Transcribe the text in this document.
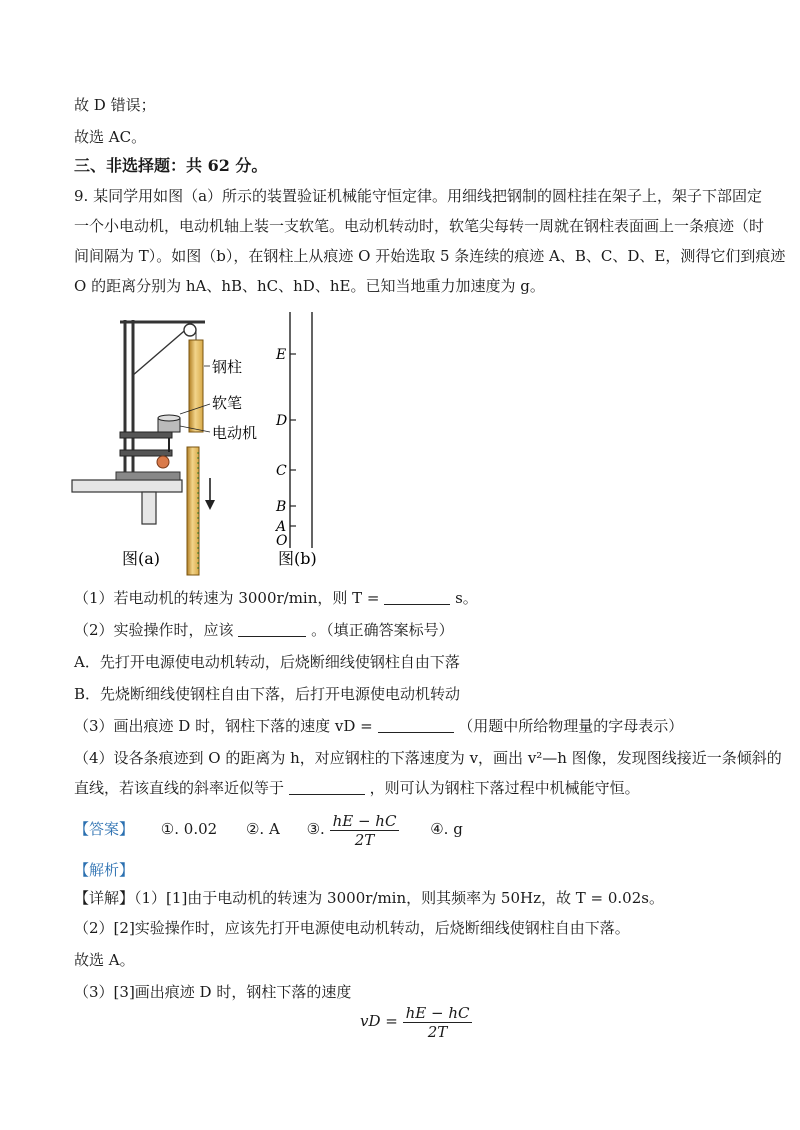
故 D 错误；
故选 AC。
三、非选择题：共 62 分。
9. 某同学用如图（a）所示的装置验证机械能守恒定律。用细线把钢制的圆柱挂在架子上，架子下部固定
一个小电动机，电动机轴上装一支软笔。电动机转动时，软笔尖每转一周就在钢柱表面画上一条痕迹（时
间间隔为 T）。如图（b），在钢柱上从痕迹 O 开始选取 5 条连续的痕迹 A、B、C、D、E，测得它们到痕迹
O 的距离分别为 hA、hB、hC、hD、hE。已知当地重力加速度为 g。
钢柱
软笔
电动机
图(a)
E
D
C
B
A
O
图(b)
（1）若电动机的转速为 3000r/min，则 T =	s。
（2）实验操作时，应该	。（填正确答案标号）
A．先打开电源使电动机转动，后烧断细线使钢柱自由下落
B．先烧断细线使钢柱自由下落，后打开电源使电动机转动
（3）画出痕迹 D 时，钢柱下落的速度 vD =	（用题中所给物理量的字母表示）
（4）设各条痕迹到 O 的距离为 h，对应钢柱的下落速度为 v，画出 v²—h 图像，发现图线接近一条倾斜的
直线，若该直线的斜率近似等于	，则可认为钢柱下落过程中机械能守恒。
【答案】 ①. 0.02 ②. A ③. $\frac{hE - hC}{2T}$ ④. g
【解析】
【详解】（1）[1]由于电动机的转速为 3000r/min，则其频率为 50Hz，故 T = 0.02s。
（2）[2]实验操作时，应该先打开电源使电动机转动，后烧断细线使钢柱自由下落。
故选 A。
（3）[3]画出痕迹 D 时，钢柱下落的速度
vD = $\frac{hE - hC}{2T}$
